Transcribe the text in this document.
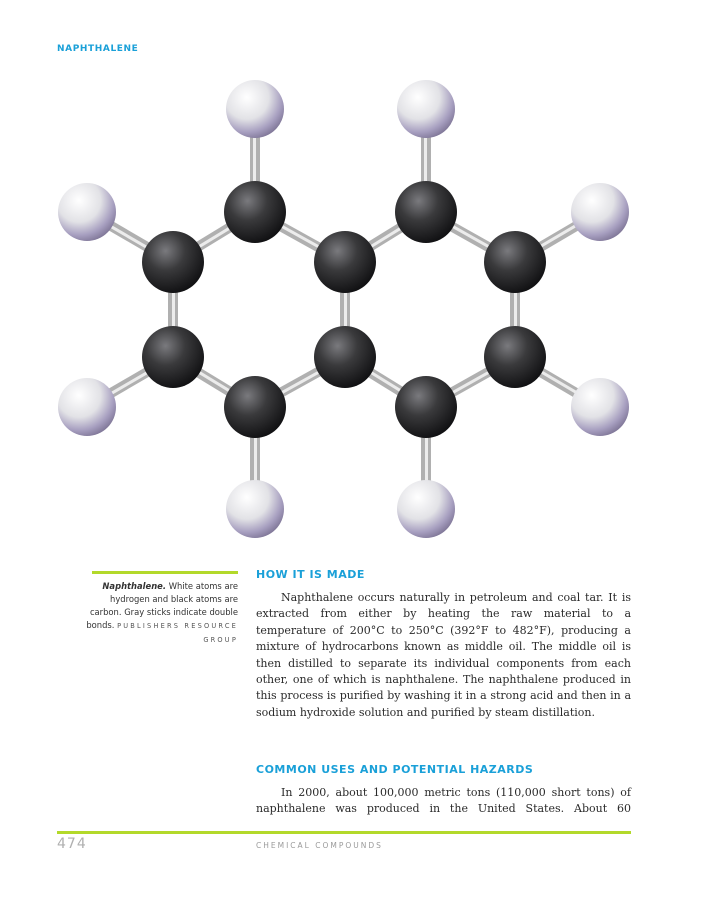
NAPHTHALENE
Naphthalene. White atoms are hydrogen and black atoms are carbon. Gray sticks indicate double bonds. PUBLISHERS RESOURCE GROUP
HOW IT IS MADE

Naphthalene occurs naturally in petroleum and coal tar. It is extracted from either by heating the raw material to a temperature of 200°C to 250°C (392°F to 482°F), producing a mixture of hydrocarbons known as middle oil. The middle oil is then distilled to separate its individual components from each other, one of which is naphthalene. The naphthalene produced in this process is purified by washing it in a strong acid and then in a sodium hydroxide solution and purified by steam distillation.

COMMON USES AND POTENTIAL HAZARDS

In 2000, about 100,000 metric tons (110,000 short tons) of naphthalene was produced in the United States. About 60

474	CHEMICAL COMPOUNDS
